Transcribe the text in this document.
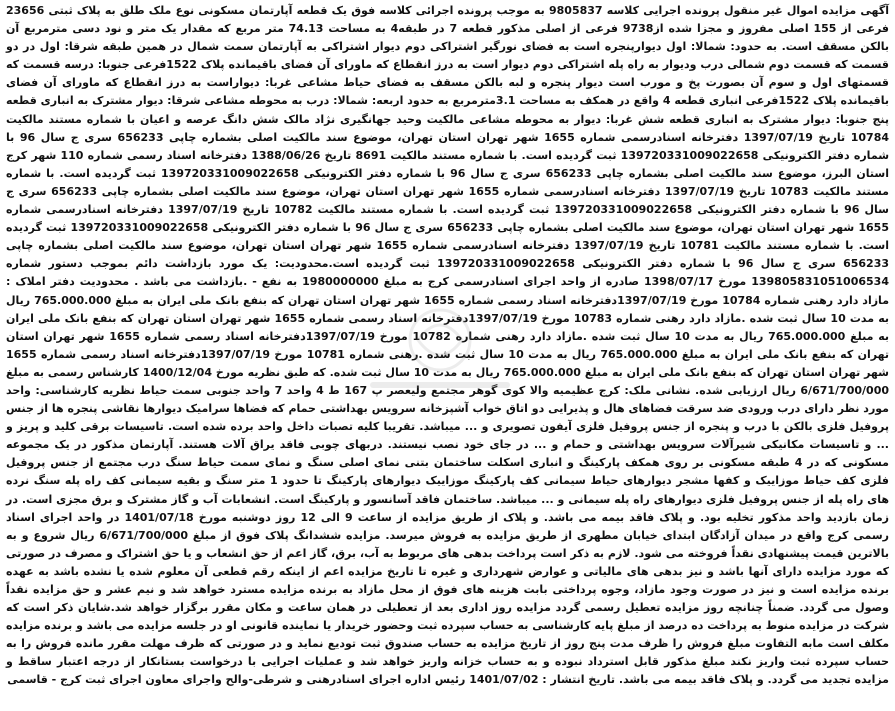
آگهی مزایده اموال غیر منقول پرونده اجرایی کلاسه 9805837 به موجب پرونده اجرائی کلاسه فوق یک قطعه آپارتمان مسکونی نوع ملک طلق به پلاک ثبتی 23656 فرعی از 155 اصلی مفروز و مجزا شده از9738 فرعی از اصلی مذکور قطعه 7 در طبقه4 به مساحت 74.13 متر مربع که مقدار یک متر و نود دسی مترمربع آن بالکن مسقف است. به حدود: شمالا: اول دیوارپنجره است به فضای نورگیر اشتراکی دوم دیوار اشتراکی به آپارتمان سمت شمال در همین طبقه شرقا: اول در دو قسمت که قسمت دوم شمالی درب ودیوار به راه پله اشتراکی دوم دیوار است به درز انقطاع که ماورای آن فضای باقیمانده پلاک 1522فرعی جنوبا: درسه قسمت که قسمتهای اول و سوم آن بصورت پخ و مورب است دیوار پنجره و لبه بالکن مسقف به فضای حیاط مشاعی غربا: دیواراست به درز انقطاع که ماورای آن فضای باقیمانده پلاک 1522فرعی انباری قطعه 4 واقع در همکف به مساحت 3.1مترمربع به حدود اربعه: شمالا: درب به محوطه مشاعی شرقا: دیوار مشترک به انباری قطعه پنج جنوبا: دیوار مشترک به انباری قطعه شش غربا: دیوار به محوطه مشاعی مالکیت وحید جهانگیری نژاد مالک شش دانگ عرصه و اعیان با شماره مستند مالکیت 10784 تاریخ 1397/07/19 دفترخانه اسنادرسمی شماره 1655 شهر تهران استان تهران، موضوع سند مالکیت اصلی بشماره چاپی 656233 سری ج سال 96 با شماره دفتر الکترونیکی 139720331009022658 ثبت گردیده است. با شماره مستند مالکیت 8691 تاریخ 1388/06/26 دفترخانه اسناد رسمی شماره 110 شهر کرج استان البرز، موضوع سند مالکیت اصلی بشماره چاپی 656233 سری ج سال 96 با شماره دفتر الکترونیکی 139720331009022658 ثبت گردیده است. با شماره مستند مالکیت 10783 تاریخ 1397/07/19 دفترخانه اسنادرسمی شماره 1655 شهر تهران استان تهران، موضوع سند مالکیت اصلی بشماره چاپی 656233 سری ج سال 96 با شماره دفتر الکترونیکی 139720331009022658 ثبت گردیده است. با شماره مستند مالکیت 10782 تاریخ 1397/07/19 دفترخانه اسنادرسمی شماره 1655 شهر تهران استان تهران، موضوع سند مالکیت اصلی بشماره چاپی 656233 سری ج سال 96 با شماره دفتر الکترونیکی 139720331009022658 ثبت گردیده است. با شماره مستند مالکیت 10781 تاریخ 1397/07/19 دفترخانه اسنادرسمی شماره 1655 شهر تهران استان تهران، موضوع سند مالکیت اصلی بشماره چاپی 656233 سری ج سال 96 با شماره دفتر الکترونیکی 139720331009022658 ثبت گردیده است.محدودیت: یک مورد بازداشت دائم بموجب دستور شماره 139805831051006534 مورخ 1398/07/17 صادره از واحد اجرای اسنادرسمی کرج به مبلغ 1980000000 به نفع - .بازداشت می باشد . محدودیت دفتر املاک : مازاد دارد رهنی شماره 10784 مورخ 1397/07/19دفترخانه اسناد رسمی شماره 1655 شهر تهران استان تهران که بنفع بانک ملی ایران به مبلغ 765.000.000 ریال به مدت 10 سال ثبت شده .مازاد دارد رهنی شماره 10783 مورخ 1397/07/19دفترخانه اسناد رسمی شماره 1655 شهر تهران استان تهران که بنفع بانک ملی ایران به مبلغ 765.000.000 ریال به مدت 10 سال ثبت شده .مازاد دارد رهنی شماره 10782 مورخ 1397/07/19دفترخانه اسناد رسمی شماره 1655 شهر تهران استان تهران که بنفع بانک ملی ایران به مبلغ 765.000.000 ریال به مدت 10 سال ثبت شده .رهنی شماره 10781 مورخ 1397/07/19دفترخانه اسناد رسمی شماره 1655 شهر تهران استان تهران که بنفع بانک ملی ایران به مبلغ 765.000.000 ریال به مدت 10 سال ثبت شده. که طبق نظریه مورخ 1400/12/04 کارشناس رسمی به مبلغ 6/671/700/000 ریال ارزیابی شده. نشانی ملک: کرج عظیمیه والا کوی گوهر مجتمع ولیعصر پ 167 ط 4 واحد 7 واحد جنوبی سمت حیاط نظریه کارشناسی: واحد مورد نظر دارای درب ورودی ضد سرقت فضاهای هال و پذیرایی دو اتاق خواب آشپزخانه سرویس بهداشتی حمام که فضاها سرامیک دیوارها نقاشی پنجره ها از جنس پروفیل فلزی بالکن با درب و پنجره از جنس پروفیل فلزی آیفون تصویری و ... میباشد. تقریبا کلیه تصبات داخل واحد برده شده است. تاسیسات برقی کلید و پریز و ... و تاسیسات مکانیکی شیرآلات سرویس بهداشتی و حمام و ... در جای خود نصب نیستند. دربهای چوبی فاقد یراق آلات هستند. آپارتمان مذکور در یک مجموعه مسکونی که در 4 طبقه مسکونی بر روی همکف پارکینگ و انباری اسکلت ساختمان بتنی نمای اصلی سنگ و نمای سمت حیاط سنگ درب مجتمع از جنس پروفیل فلزی کف حیاط موزاییک و کفها مشجر دیوارهای حیاط سیمانی کف پارکینگ موزاییک دیوارهای پارکینگ تا حدود 1 متر سنگ و بقیه سیمانی کف راه پله سنگ نرده های راه پله از جنس پروفیل فلزی دیوارهای راه پله سیمانی و ... میباشد. ساختمان فاقد آسانسور و پارکینگ است. انشعابات آب و گاز مشترک و برق مجزی است. در زمان بازدید واحد مذکور تخلیه بود. و پلاک فاقد بیمه می باشد. و پلاک از طریق مزایده از ساعت 9 الی 12 روز دوشنبه مورخ 1401/07/18 در واحد اجرای اسناد رسمی کرج واقع در میدان آزادگان ابتدای خیابان مطهری از طریق مزایده به فروش میرسد. مزایده ششدانگ پلاک فوق از مبلغ 6/671/700/000 ریال شروع و به بالاترین قیمت پیشنهادی نقداً فروخته می شود. لازم به ذکر است پرداخت بدهی های مربوط به آب، برق، گاز اعم از حق انشعاب و یا حق اشتراک و مصرف در صورتی که مورد مزایده دارای آنها باشد و نیز بدهی های مالیاتی و عوارض شهرداری و غیره تا تاریخ مزایده اعم از اینکه رقم قطعی آن معلوم شده یا نشده باشد به عهده برنده مزایده است و نیز در صورت وجود مازاد، وجوه پرداختی بابت هزینه های فوق از محل مازاد به برنده مزایده مسترد خواهد شد و نیم عشر و حق مزایده نقداً وصول می گردد. ضمناً چنانچه روز مزایده تعطیل رسمی گردد مزایده روز اداری بعد از تعطیلی در همان ساعت و مکان مقرر برگزار خواهد شد.شایان ذکر است که شرکت در مزایده منوط به پرداخت ده درصد از مبلغ پایه کارشناسی به حساب سپرده ثبت وحضور خریدار یا نماینده قانونی او در جلسه مزایده می باشد و برنده مزایده مکلف است مابه التفاوت مبلغ فروش را ظرف مدت پنج روز از تاریخ مزایده به حساب صندوق ثبت تودیع نماید و در صورتی که ظرف مهلت مقرر مانده فروش را به حساب سپرده ثبت واریز نکند مبلغ مذکور قابل استرداد نبوده و به حساب خزانه واریز خواهد شد و عملیات اجرایی با درخواست بستانکار از درجه اعتبار ساقط و مزایده تجدید می گردد. و پلاک فاقد بیمه می باشد. تاریخ انتشار : 1401/07/02 رئیس اداره اجرای اسنادرهنی و شرطی-والح واجرای معاون اجرای ثبت کرج - قاسمی
